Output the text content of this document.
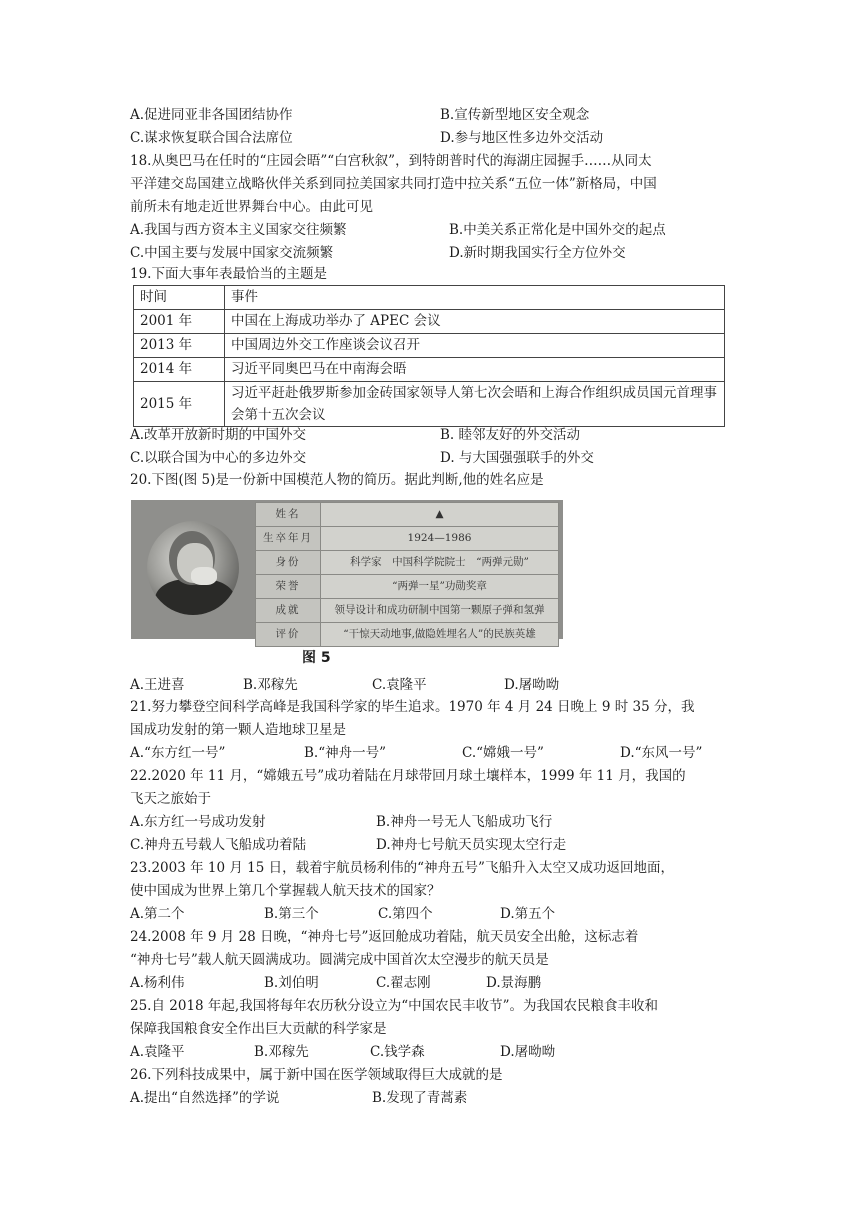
A.促进同亚非各国团结协作	B.宣传新型地区安全观念
C.谋求恢复联合国合法席位	D.参与地区性多边外交活动
18.从奥巴马在任时的“庄园会晤”“白宫秋叙”，到特朗普时代的海湖庄园握手……从同太
平洋建交岛国建立战略伙伴关系到同拉美国家共同打造中拉关系“五位一体”新格局，中国
前所未有地走近世界舞台中心。由此可见
A.我国与西方资本主义国家交往频繁	B.中美关系正常化是中国外交的起点
C.中国主要与发展中国家交流频繁	D.新时期我国实行全方位外交
19.下面大事年表最恰当的主题是
时间	事件
2001 年	中国在上海成功举办了 APEC 会议
2013 年	中国周边外交工作座谈会议召开
2014 年	习近平同奥巴马在中南海会晤
2015 年	习近平赶赴俄罗斯参加金砖国家领导人第七次会晤和上海合作组织成员国元首理事会第十五次会议
A.改革开放新时期的中国外交	B. 睦邻友好的外交活动
C.以联合国为中心的多边外交	D. 与大国强强联手的外交
20.下图(图 5)是一份新中国模范人物的简历。据此判断,他的姓名应是
姓名	▲
生卒年月	1924—1986
身份	科学家　中国科学院院士　“两弹元勋”
荣誉	“两弹一星”功勋奖章
成就	领导设计和成功研制中国第一颗原子弹和氢弹
评价	“干惊天动地事,做隐姓埋名人”的民族英雄
图 5
A.王进喜	B.邓稼先	C.袁隆平	D.屠呦呦
21.努力攀登空间科学高峰是我国科学家的毕生追求。1970 年 4 月 24 日晚上 9 时 35 分，我
国成功发射的第一颗人造地球卫星是
A.“东方红一号”	B.“神舟一号”	C.“嫦娥一号”	D.“东风一号”
22.2020 年 11 月，“嫦娥五号”成功着陆在月球带回月球土壤样本，1999 年 11 月，我国的
飞天之旅始于
A.东方红一号成功发射	B.神舟一号无人飞船成功飞行
C.神舟五号载人飞船成功着陆	D.神舟七号航天员实现太空行走
23.2003 年 10 月 15 日，载着宇航员杨利伟的“神舟五号”飞船升入太空又成功返回地面，
使中国成为世界上第几个掌握载人航天技术的国家？
A.第二个	B.第三个	C.第四个	D.第五个
24.2008 年 9 月 28 日晚，“神舟七号”返回舱成功着陆，航天员安全出舱，这标志着
“神舟七号”载人航天圆满成功。圆满完成中国首次太空漫步的航天员是
A.杨利伟	B.刘伯明	C.翟志刚	D.景海鹏
25.自 2018 年起,我国将每年农历秋分设立为“中国农民丰收节”。为我国农民粮食丰收和
保障我国粮食安全作出巨大贡献的科学家是
A.袁隆平	B.邓稼先	C.钱学森	D.屠呦呦
26.下列科技成果中，属于新中国在医学领域取得巨大成就的是
A.提出“自然选择”的学说	B.发现了青蒿素
